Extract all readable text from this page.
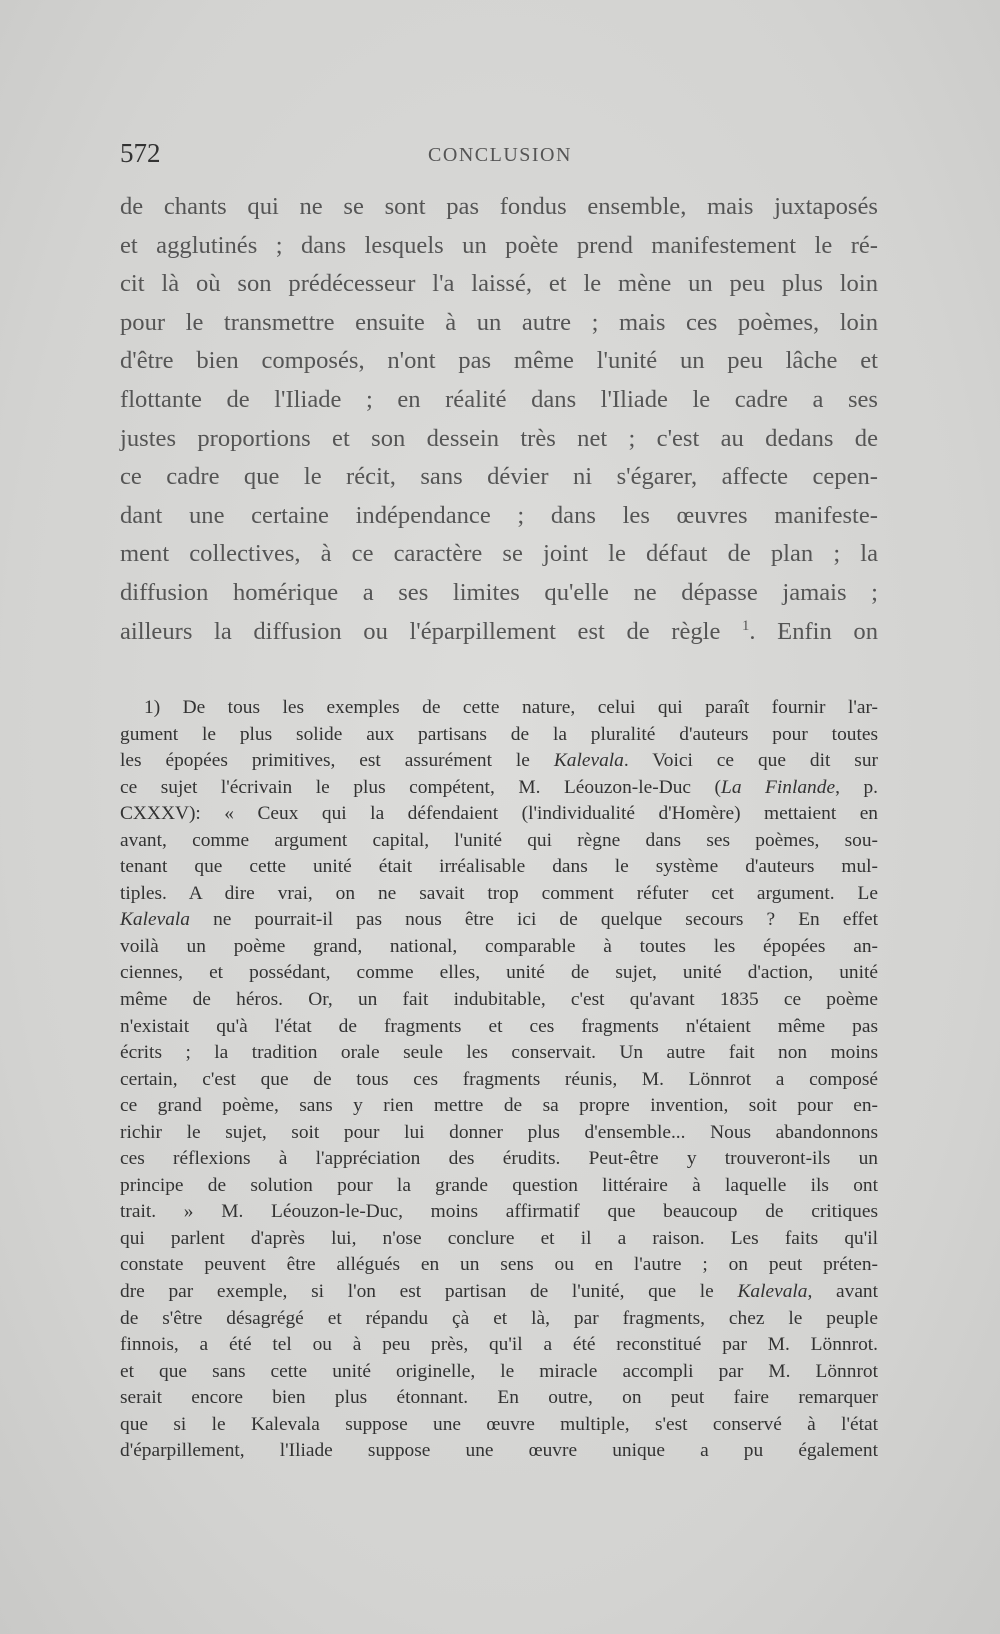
572	CONCLUSION
de chants qui ne se sont pas fondus ensemble, mais juxtaposés
et agglutinés ; dans lesquels un poète prend manifestement le ré-
cit là où son prédécesseur l'a laissé, et le mène un peu plus loin
pour le transmettre ensuite à un autre ; mais ces poèmes, loin
d'être bien composés, n'ont pas même l'unité un peu lâche et
flottante de l'Iliade ; en réalité dans l'Iliade le cadre a ses
justes proportions et son dessein très net ; c'est au dedans de
ce cadre que le récit, sans dévier ni s'égarer, affecte cepen-
dant une certaine indépendance ; dans les œuvres manifeste-
ment collectives, à ce caractère se joint le défaut de plan ; la
diffusion homérique a ses limites qu'elle ne dépasse jamais ;
ailleurs la diffusion ou l'éparpillement est de règle $^1$. Enfin on
1) De tous les exemples de cette nature, celui qui paraît fournir l'ar-
gument le plus solide aux partisans de la pluralité d'auteurs pour toutes
les épopées primitives, est assurément le Kalevala. Voici ce que dit sur
ce sujet l'écrivain le plus compétent, M. Léouzon-le-Duc (La Finlande, p.
CXXXV): « Ceux qui la défendaient (l'individualité d'Homère) mettaient en
avant, comme argument capital, l'unité qui règne dans ses poèmes, sou-
tenant que cette unité était irréalisable dans le système d'auteurs mul-
tiples. A dire vrai, on ne savait trop comment réfuter cet argument. Le
Kalevala ne pourrait-il pas nous être ici de quelque secours ? En effet
voilà un poème grand, national, comparable à toutes les épopées an-
ciennes, et possédant, comme elles, unité de sujet, unité d'action, unité
même de héros. Or, un fait indubitable, c'est qu'avant 1835 ce poème
n'existait qu'à l'état de fragments et ces fragments n'étaient même pas
écrits ; la tradition orale seule les conservait. Un autre fait non moins
certain, c'est que de tous ces fragments réunis, M. Lönnrot a composé
ce grand poème, sans y rien mettre de sa propre invention, soit pour en-
richir le sujet, soit pour lui donner plus d'ensemble... Nous abandonnons
ces réflexions à l'appréciation des érudits. Peut-être y trouveront-ils un
principe de solution pour la grande question littéraire à laquelle ils ont
trait. » M. Léouzon-le-Duc, moins affirmatif que beaucoup de critiques
qui parlent d'après lui, n'ose conclure et il a raison. Les faits qu'il
constate peuvent être allégués en un sens ou en l'autre ; on peut préten-
dre par exemple, si l'on est partisan de l'unité, que le Kalevala, avant
de s'être désagrégé et répandu çà et là, par fragments, chez le peuple
finnois, a été tel ou à peu près, qu'il a été reconstitué par M. Lönnrot.
et que sans cette unité originelle, le miracle accompli par M. Lönnrot
serait encore bien plus étonnant. En outre, on peut faire remarquer
que si le Kalevala suppose une œuvre multiple, s'est conservé à l'état
d'éparpillement, l'Iliade suppose une œuvre unique a pu également
